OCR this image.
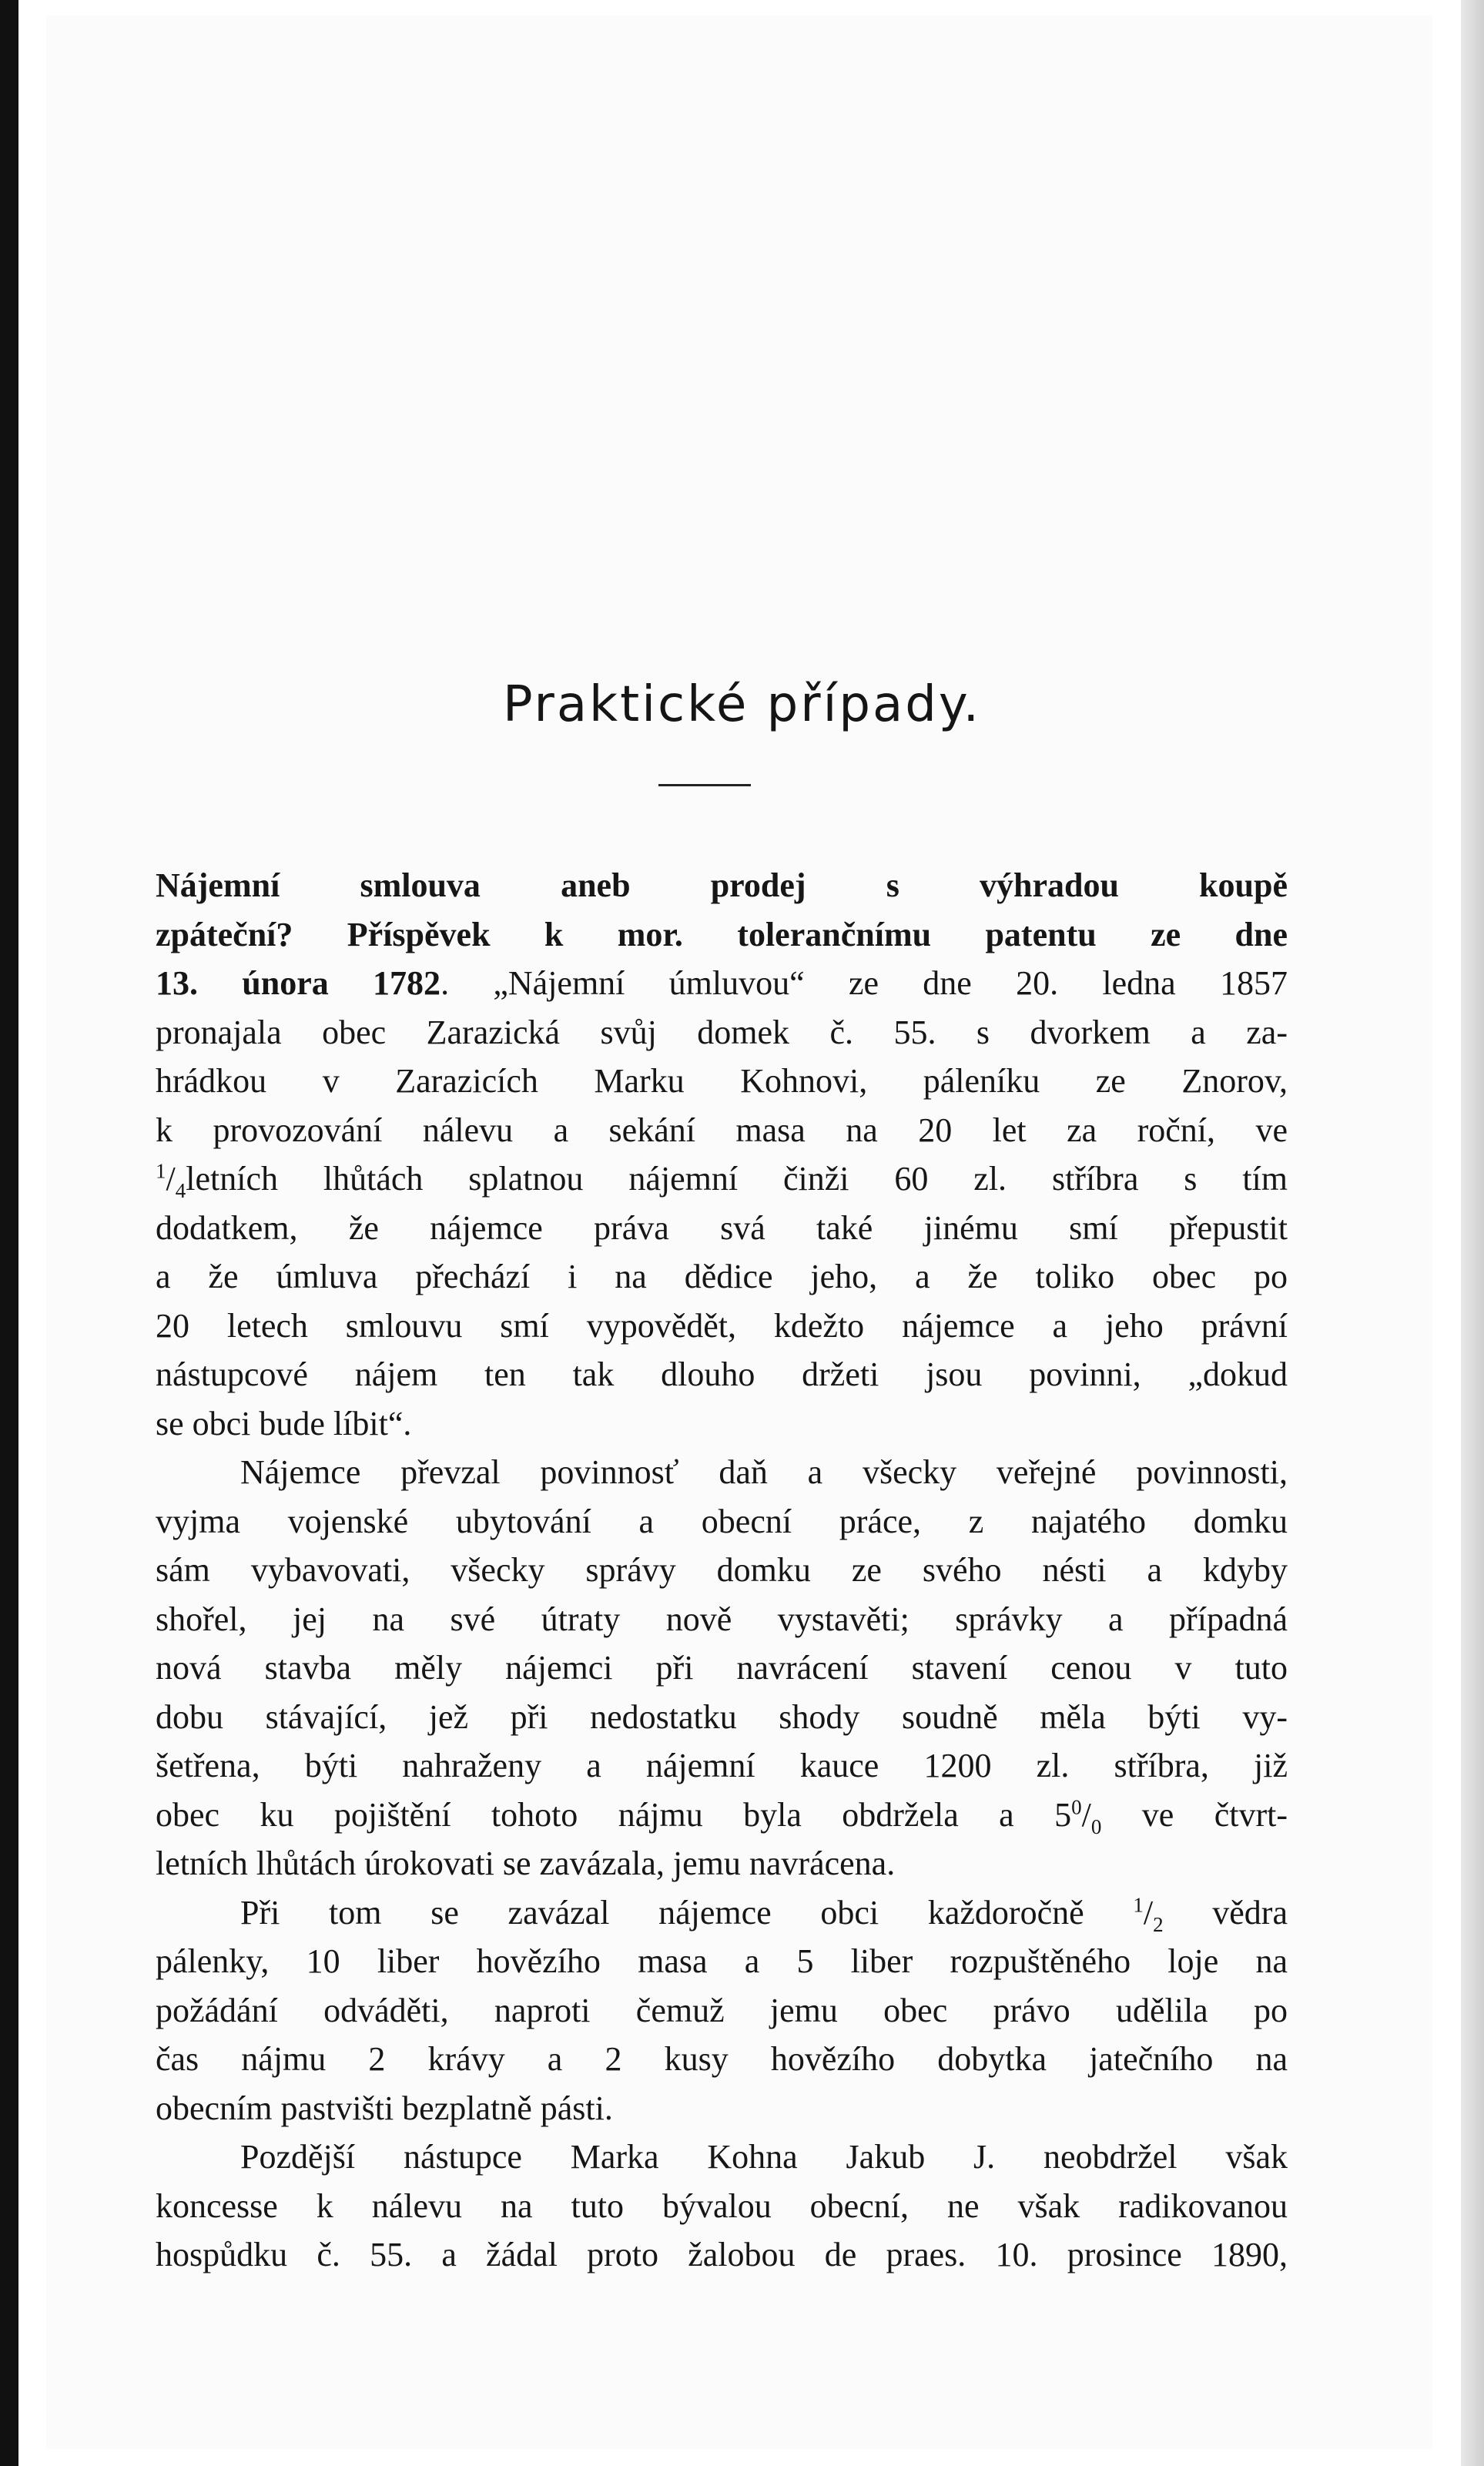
Praktické případy.

Nájemní smlouva aneb prodej s výhradou koupě

zpáteční? Příspěvek k mor. tolerančnímu patentu ze dne

13. února 1782. „Nájemní úmluvou“ ze dne 20. ledna 1857

pronajala obec Zarazická svůj domek č. 55. s dvorkem a za-

hrádkou v Zarazicích Marku Kohnovi, páleníku ze Znorov,

k provozování nálevu a sekání masa na 20 let za roční, ve

$^1/_4letních$ lhůtách splatnou nájemní činži 60 zl. stříbra s tím

dodatkem, že nájemce práva svá také jinému smí přepustit

a že úmluva přechází i na dědice jeho, a že toliko obec po

20 letech smlouvu smí vypovědět, kdežto nájemce a jeho právní

nástupcové nájem ten tak dlouho držeti jsou povinni, „dokud

se obci bude líbit“.

Nájemce převzal povinnosť daň a všecky veřejné povinnosti,

vyjma vojenské ubytování a obecní práce, z najatého domku

sám vybavovati, všecky správy domku ze svého nésti a kdyby

shořel, jej na své útraty nově vystavěti; správky a případná

nová stavba měly nájemci při navrácení stavení cenou v tuto

dobu stávající, jež při nedostatku shody soudně měla býti vy-

šetřena, býti nahraženy a nájemní kauce 1200 zl. stříbra, již

obec ku pojištění tohoto nájmu byla obdržela a $5^0/_0$ ve čtvrt-

letních lhůtách úrokovati se zavázala, jemu navrácena.

Při tom se zavázal nájemce obci každoročně $^1/_2$ vědra

pálenky, 10 liber hovězího masa a 5 liber rozpuštěného loje na

požádání odváděti, naproti čemuž jemu obec právo udělila po

čas nájmu 2 krávy a 2 kusy hovězího dobytka jatečního na

obecním pastvišti bezplatně pásti.

Pozdější nástupce Marka Kohna Jakub J. neobdržel však

koncesse k nálevu na tuto bývalou obecní, ne však radikovanou

hospůdku č. 55. a žádal proto žalobou de praes. 10. prosince 1890,
